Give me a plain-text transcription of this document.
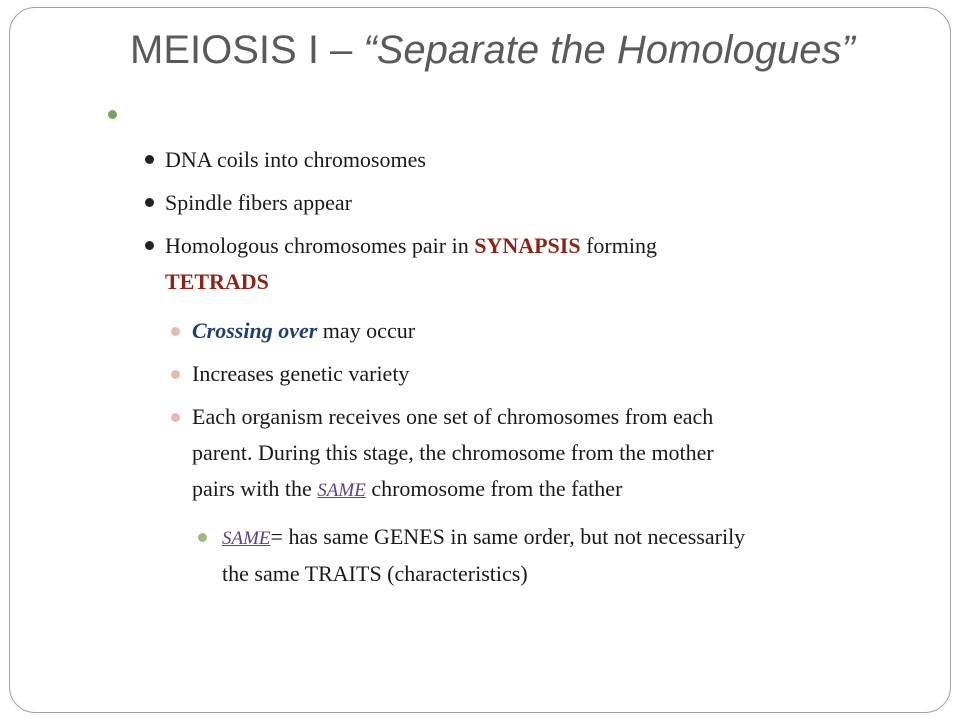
MEIOSIS I – “Separate the Homologues”
DNA coils into chromosomes
Spindle fibers appear
Homologous chromosomes pair in SYNAPSIS forming
TETRADS
Crossing over may occur
Increases genetic variety
Each organism receives one set of chromosomes from each
parent. During this stage, the chromosome from the mother
pairs with the SAME chromosome from the father
SAME= has same GENES in same order, but not necessarily
the same TRAITS (characteristics)
